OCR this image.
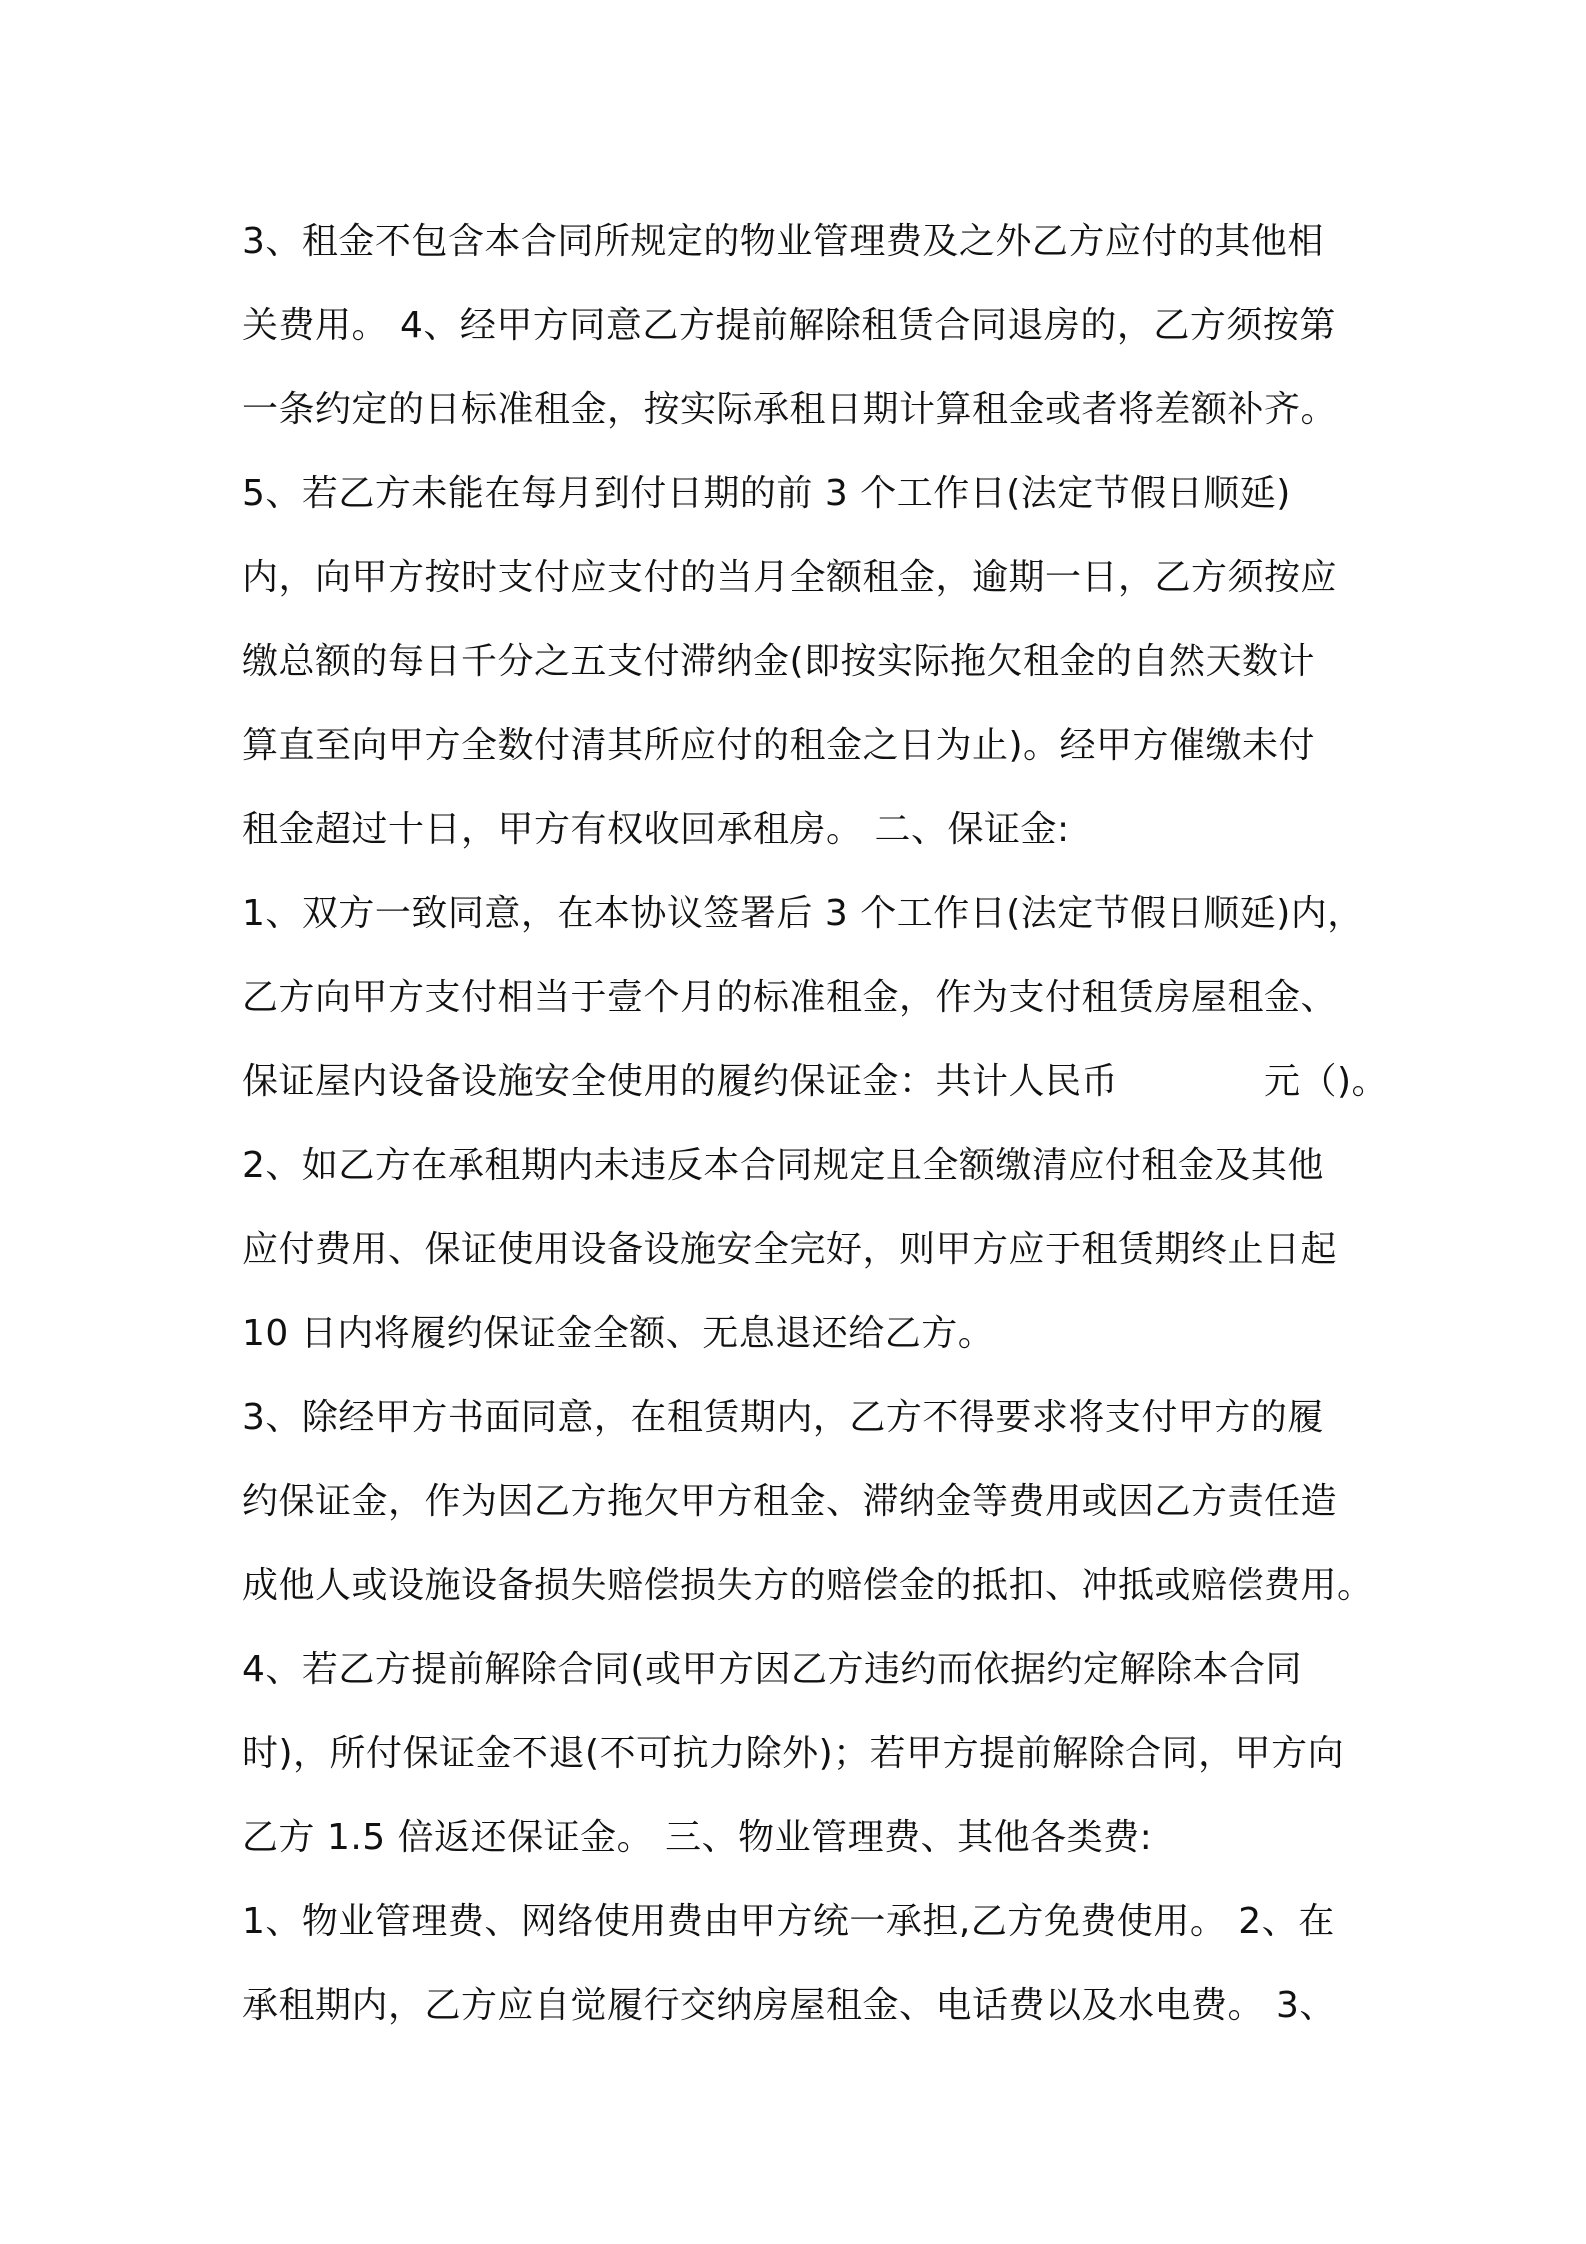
3、租金不包含本合同所规定的物业管理费及之外乙方应付的其他相
关费用。 4、经甲方同意乙方提前解除租赁合同退房的，乙方须按第
一条约定的日标准租金，按实际承租日期计算租金或者将差额补齐。
5、若乙方未能在每月到付日期的前 3 个工作日(法定节假日顺延)
内，向甲方按时支付应支付的当月全额租金，逾期一日，乙方须按应
缴总额的每日千分之五支付滞纳金(即按实际拖欠租金的自然天数计
算直至向甲方全数付清其所应付的租金之日为止)。经甲方催缴未付
租金超过十日，甲方有权收回承租房。 二、保证金:
1、双方一致同意，在本协议签署后 3 个工作日(法定节假日顺延)内，
乙方向甲方支付相当于壹个月的标准租金，作为支付租赁房屋租金、
保证屋内设备设施安全使用的履约保证金：共计人民币　　　　元（)。
2、如乙方在承租期内未违反本合同规定且全额缴清应付租金及其他
应付费用、保证使用设备设施安全完好，则甲方应于租赁期终止日起
10 日内将履约保证金全额、无息退还给乙方。
3、除经甲方书面同意，在租赁期内，乙方不得要求将支付甲方的履
约保证金，作为因乙方拖欠甲方租金、滞纳金等费用或因乙方责任造
成他人或设施设备损失赔偿损失方的赔偿金的抵扣、冲抵或赔偿费用。
4、若乙方提前解除合同(或甲方因乙方违约而依据约定解除本合同
时)，所付保证金不退(不可抗力除外)；若甲方提前解除合同，甲方向
乙方 1.5 倍返还保证金。 三、物业管理费、其他各类费:
1、物业管理费、网络使用费由甲方统一承担,乙方免费使用。 2、在
承租期内，乙方应自觉履行交纳房屋租金、电话费以及水电费。 3、
